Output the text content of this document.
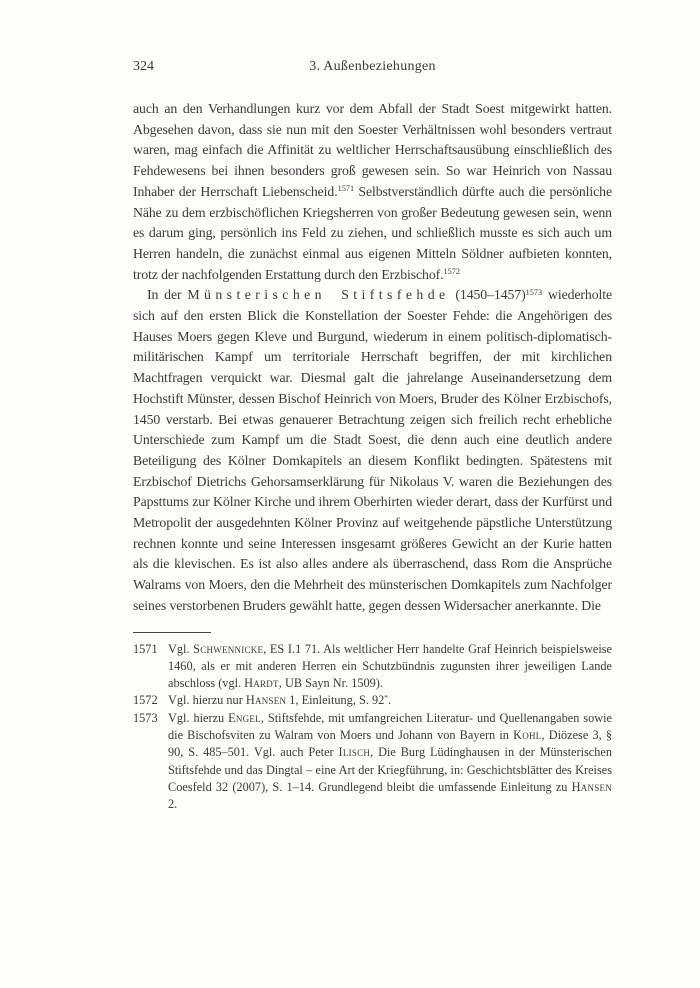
324	3. Außenbeziehungen

auch an den Verhandlungen kurz vor dem Abfall der Stadt Soest mitgewirkt hatten. Abgesehen davon, dass sie nun mit den Soester Verhältnissen wohl besonders vertraut waren, mag einfach die Affinität zu weltlicher Herrschaftsausübung einschließlich des Fehdewesens bei ihnen besonders groß gewesen sein. So war Heinrich von Nassau Inhaber der Herrschaft Liebenscheid.$^{1571}$ Selbstverständlich dürfte auch die persönliche Nähe zu dem erzbischöflichen Kriegsherren von großer Bedeutung gewesen sein, wenn es darum ging, persönlich ins Feld zu ziehen, und schließlich musste es sich auch um Herren handeln, die zunächst einmal aus eigenen Mitteln Söldner aufbieten konnten, trotz der nachfolgenden Erstattung durch den Erzbischof.$^{1572}$

In der Münsterischen Stiftsfehde (1450–1457)$^{1573}$ wiederholte sich auf den ersten Blick die Konstellation der Soester Fehde: die Angehörigen des Hauses Moers gegen Kleve und Burgund, wiederum in einem politisch-diplomatisch-militärischen Kampf um territoriale Herrschaft begriffen, der mit kirchlichen Machtfragen verquickt war. Diesmal galt die jahrelange Auseinandersetzung dem Hochstift Münster, dessen Bischof Heinrich von Moers, Bruder des Kölner Erzbischofs, 1450 verstarb. Bei etwas genauerer Betrachtung zeigen sich freilich recht erhebliche Unterschiede zum Kampf um die Stadt Soest, die denn auch eine deutlich andere Beteiligung des Kölner Domkapitels an diesem Konflikt bedingten. Spätestens mit Erzbischof Dietrichs Gehorsamserklärung für Nikolaus V. waren die Beziehungen des Papsttums zur Kölner Kirche und ihrem Oberhirten wieder derart, dass der Kurfürst und Metropolit der ausgedehnten Kölner Provinz auf weitgehende päpstliche Unterstützung rechnen konnte und seine Interessen insgesamt größeres Gewicht an der Kurie hatten als die klevischen. Es ist also alles andere als überraschend, dass Rom die Ansprüche Walrams von Moers, den die Mehrheit des münsterischen Domkapitels zum Nachfolger seines verstorbenen Bruders gewählt hatte, gegen dessen Widersacher anerkannte. Die

1571 Vgl. Schwennicke, ES I.1 71. Als weltlicher Herr handelte Graf Heinrich beispielsweise 1460, als er mit anderen Herren ein Schutzbündnis zugunsten ihrer jeweiligen Lande abschloss (vgl. Hardt, UB Sayn Nr. 1509).
1572 Vgl. hierzu nur Hansen 1, Einleitung, S. 92*.
1573 Vgl. hierzu Engel, Stiftsfehde, mit umfangreichen Literatur- und Quellenangaben sowie die Bischofsviten zu Walram von Moers und Johann von Bayern in Kohl, Diözese 3, § 90, S. 485–501. Vgl. auch Peter Ilisch, Die Burg Lüdinghausen in der Münsterischen Stiftsfehde und das Dingtal – eine Art der Kriegführung, in: Geschichtsblätter des Kreises Coesfeld 32 (2007), S. 1–14. Grundlegend bleibt die umfassende Einleitung zu Hansen 2.
